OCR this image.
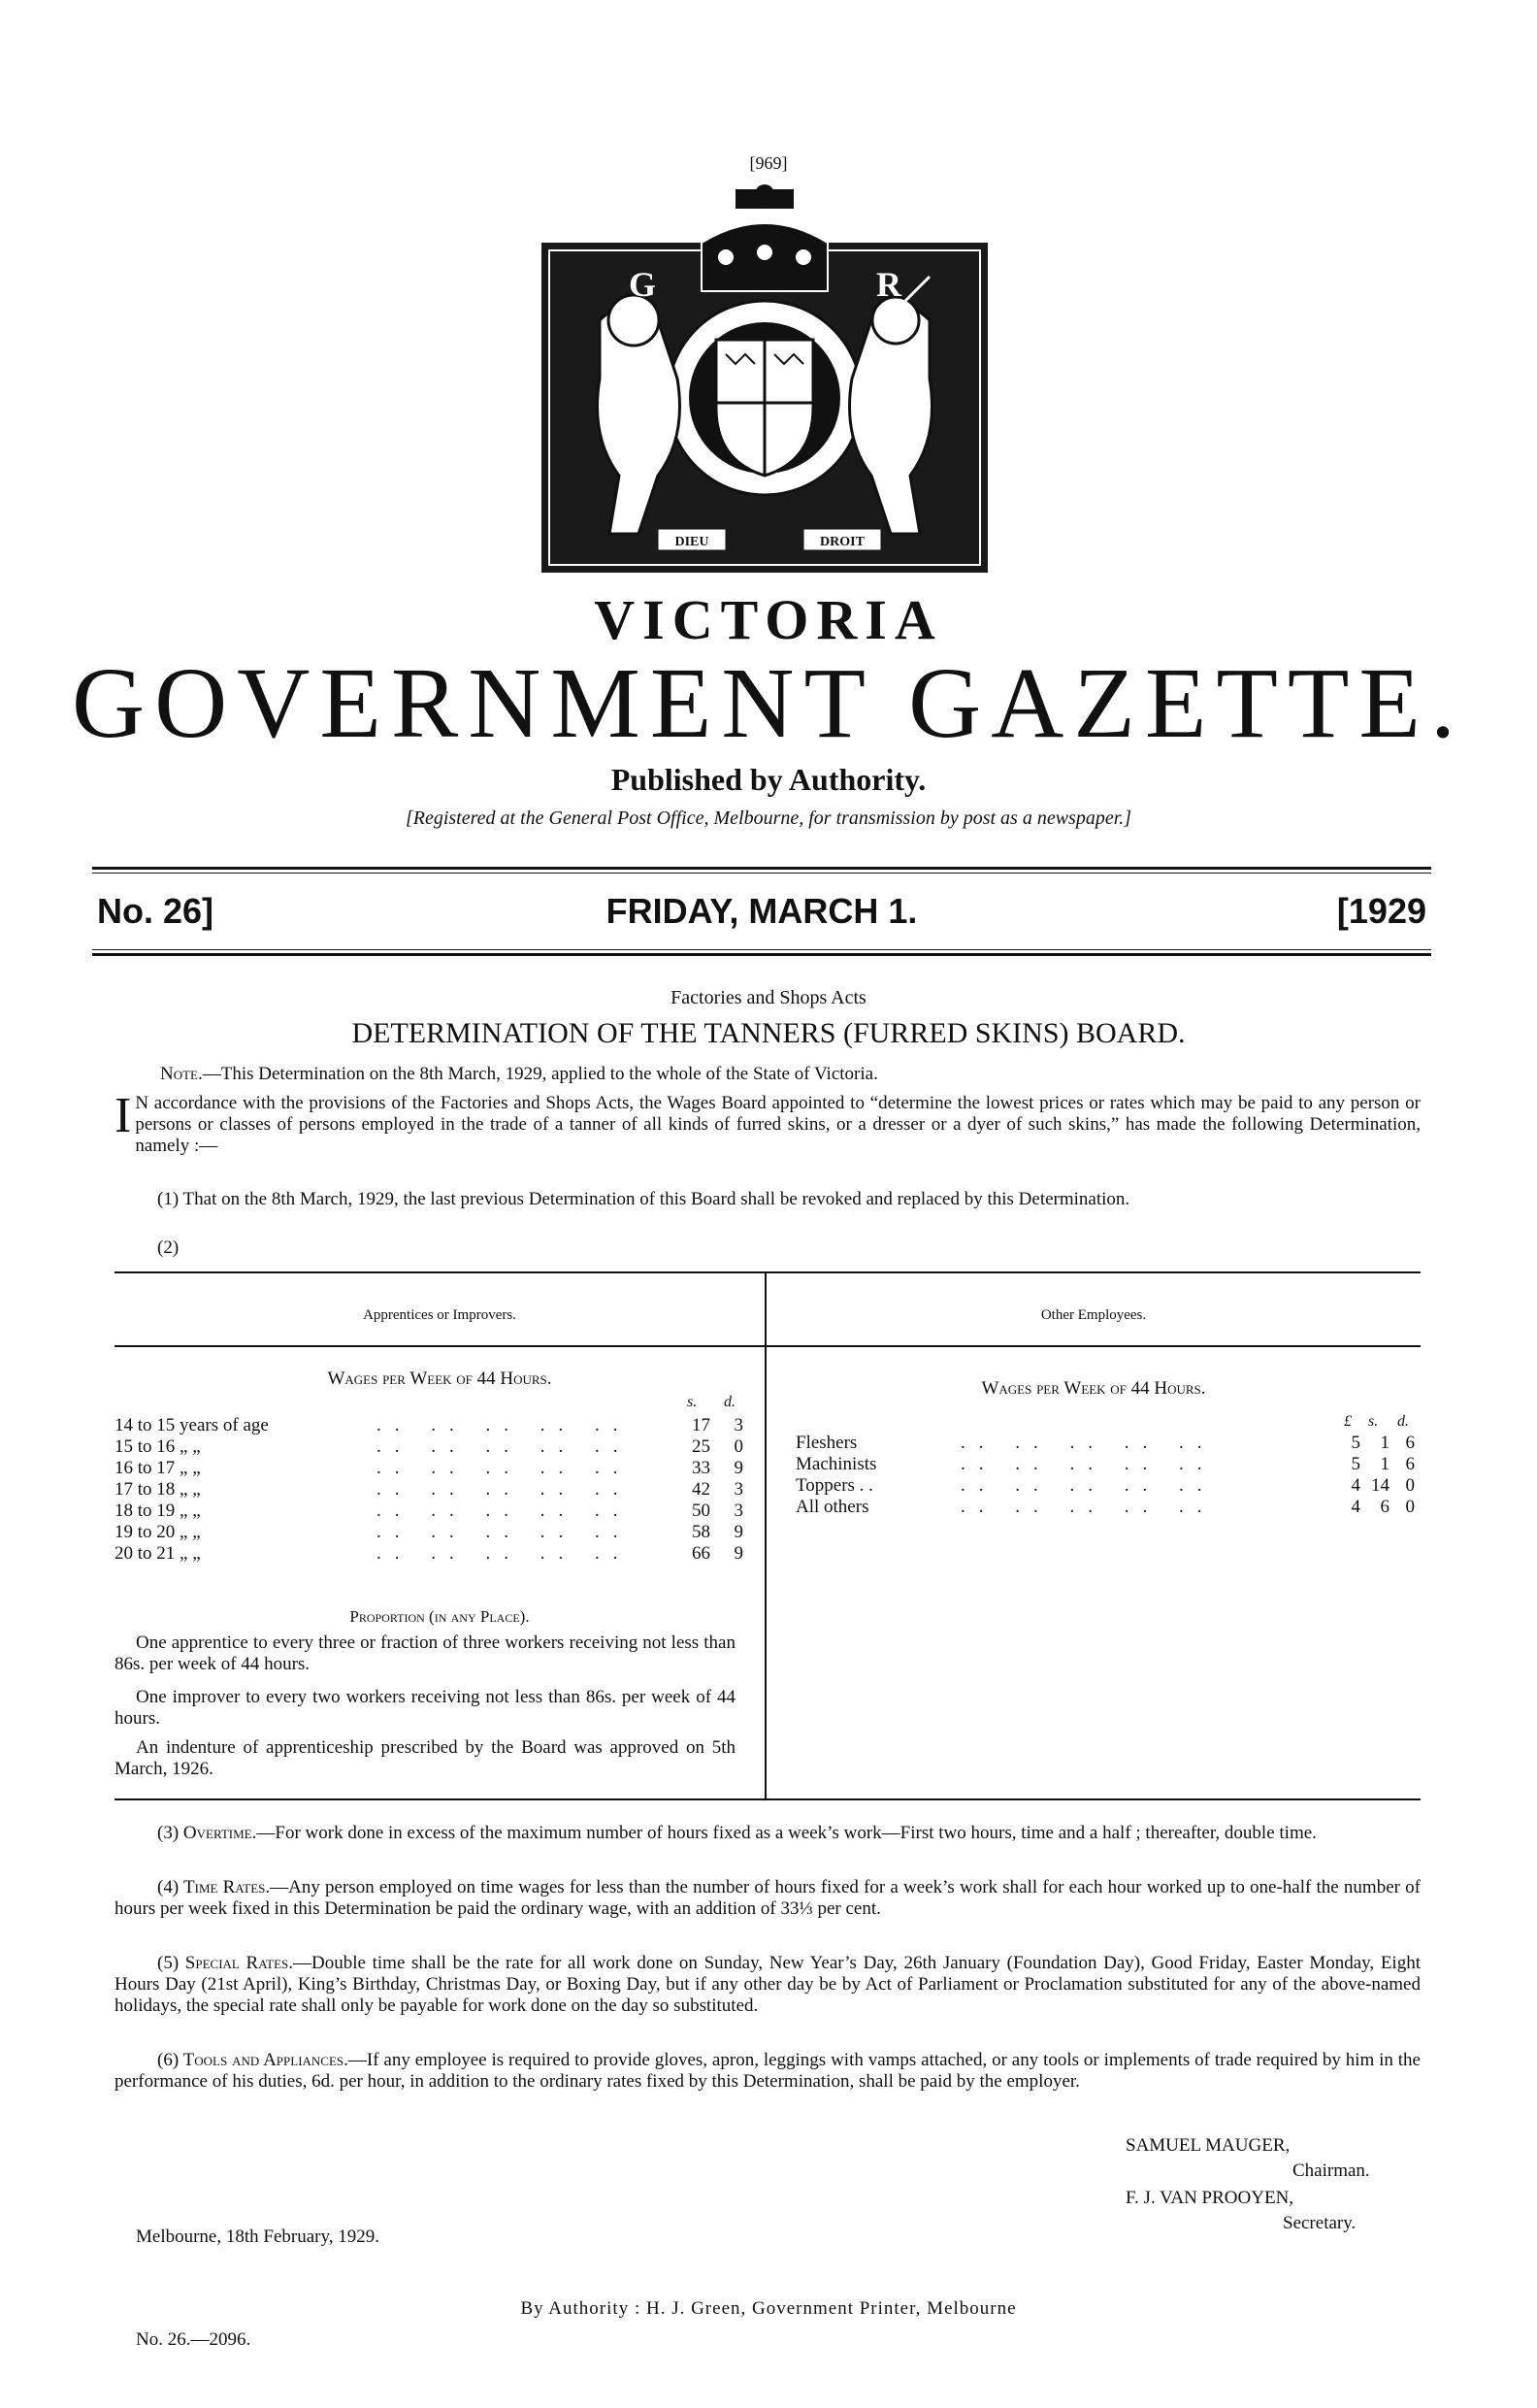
[969]
G	R
DIEU	DROIT
VICTORIA
GOVERNMENT GAZETTE.
Published by Authority.
[Registered at the General Post Office, Melbourne, for transmission by post as a newspaper.]
No. 26]	FRIDAY, MARCH 1.	[1929
Factories and Shops Acts
DETERMINATION OF THE TANNERS (FURRED SKINS) BOARD.
Note.—This Determination on the 8th March, 1929, applied to the whole of the State of Victoria.
I N accordance with the provisions of the Factories and Shops Acts, the Wages Board appointed to “determine the lowest prices or rates which may be paid to any person or persons or classes of persons employed in the trade of a tanner of all kinds of furred skins, or a dresser or a dyer of such skins,” has made the following Determination, namely :—
(1) That on the 8th March, 1929, the last previous Determination of this Board shall be revoked and replaced by this Determination.
(2)
Apprentices or Improvers.	Other Employees.
Wages per Week of 44 Hours.
s. d.
14 to 15 years of age	.. .. .. .. ..	17	3
15 to 16 „ „	.. .. .. .. ..	25	0
16 to 17 „ „	.. .. .. .. ..	33	9
17 to 18 „ „	.. .. .. .. ..	42	3
18 to 19 „ „	.. .. .. .. ..	50	3
19 to 20 „ „	.. .. .. .. ..	58	9
20 to 21 „ „	.. .. .. .. ..	66	9
Wages per Week of 44 Hours.
£ s. d.
Fleshers	.. .. .. .. ..	5	1 6
Machinists	.. .. .. .. ..	5	1 6
Toppers . .	.. .. .. .. ..	4 14 0
All others	.. .. .. .. ..	4	6 0
Proportion (in any Place).
One apprentice to every three or fraction of three workers receiving not less than 86s. per week of 44 hours.
One improver to every two workers receiving not less than 86s. per week of 44 hours.
An indenture of apprenticeship prescribed by the Board was approved on 5th March, 1926.
(3) Overtime.—For work done in excess of the maximum number of hours fixed as a week’s work—First two hours, time and a half ; thereafter, double time.
(4) Time Rates.—Any person employed on time wages for less than the number of hours fixed for a week’s work shall for each hour worked up to one-half the number of hours per week fixed in this Determination be paid the ordinary wage, with an addition of 33⅓ per cent.
(5) Special Rates.—Double time shall be the rate for all work done on Sunday, New Year’s Day, 26th January (Foundation Day), Good Friday, Easter Monday, Eight Hours Day (21st April), King’s Birthday, Christmas Day, or Boxing Day, but if any other day be by Act of Parliament or Proclamation substituted for any of the above-named holidays, the special rate shall only be payable for work done on the day so substituted.
(6) Tools and Appliances.—If any employee is required to provide gloves, apron, leggings with vamps attached, or any tools or implements of trade required by him in the performance of his duties, 6d. per hour, in addition to the ordinary rates fixed by this Determination, shall be paid by the employer.
SAMUEL MAUGER,
Chairman.
F. J. VAN PROOYEN,
Secretary.
Melbourne, 18th February, 1929.
By Authority : H. J. Green, Government Printer, Melbourne
No. 26.—2096.
